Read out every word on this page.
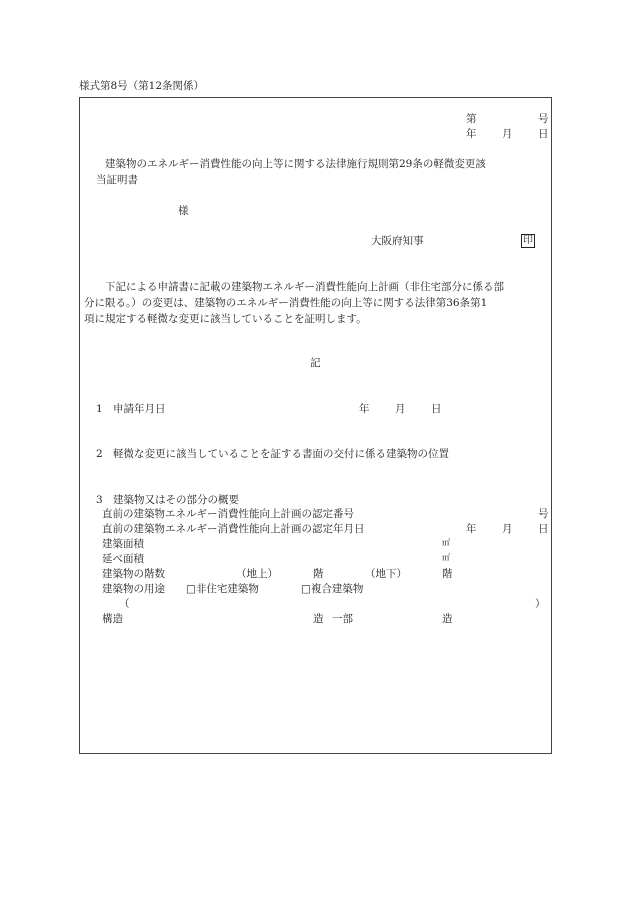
様式第8号（第12条関係）
第	号
年 月 日
建築物のエネルギー消費性能の向上等に関する法律施行規則第29条の軽微変更該
当証明書
様
大阪府知事	印
下記による申請書に記載の建築物エネルギー消費性能向上計画（非住宅部分に係る部
分に限る。）の変更は、建築物のエネルギー消費性能の向上等に関する法律第36条第1
項に規定する軽微な変更に該当していることを証明します。
記
1 申請年月日	年 月 日
2 軽微な変更に該当していることを証する書面の交付に係る建築物の位置
3 建築物又はその部分の概要
直前の建築物エネルギー消費性能向上計画の認定番号	号
直前の建築物エネルギー消費性能向上計画の認定年月日	年 月 日
建築面積	㎡
延べ面積	㎡
建築物の階数	（地上）	階	（地下）	階
建築物の用途 □非住宅建築物	□複合建築物
（	）
構造	造 一部	造
